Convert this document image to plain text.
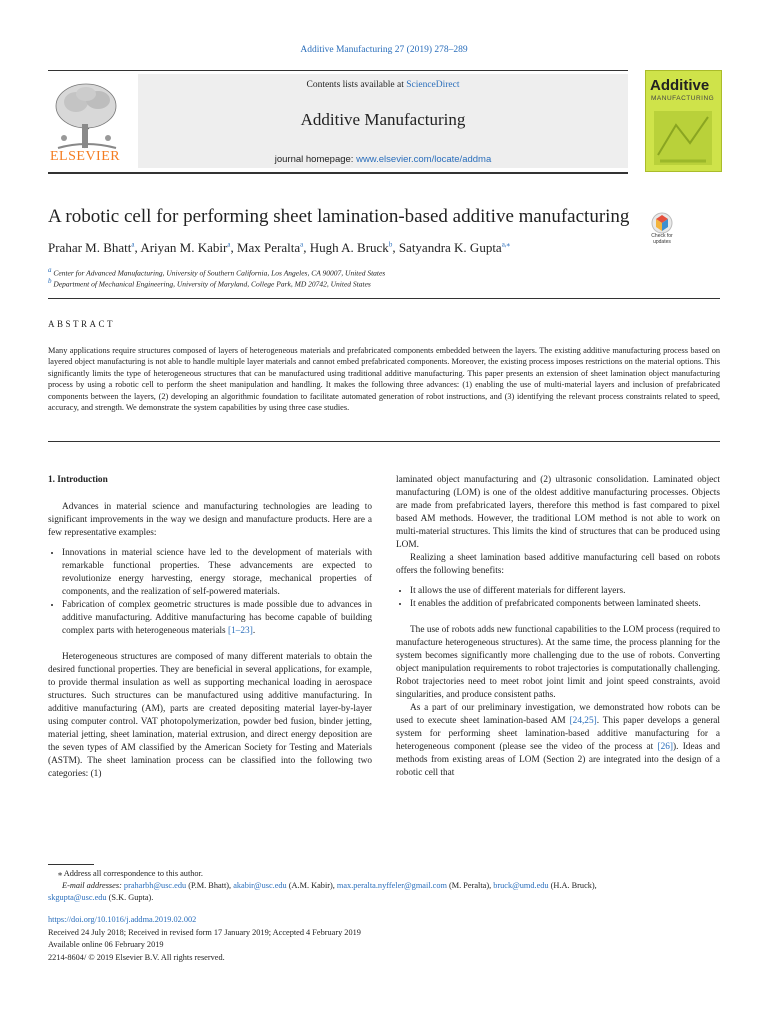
Additive Manufacturing 27 (2019) 278–289
ELSEVIER
Contents lists available at ScienceDirect
Additive Manufacturing
journal homepage: www.elsevier.com/locate/addma
Additive
MANUFACTURING
A robotic cell for performing sheet lamination-based additive manufacturing
Check for updates
Prahar M. Bhatt$^a$, Ariyan M. Kabir$^a$, Max Peralta$^a$, Hugh A. Bruck$^b$, Satyandra K. Gupta$^{a,⁎}$
$^a$ Center for Advanced Manufacturing, University of Southern California, Los Angeles, CA 90007, United States
$^b$ Department of Mechanical Engineering, University of Maryland, College Park, MD 20742, United States
ABSTRACT
Many applications require structures composed of layers of heterogeneous materials and prefabricated components embedded between the layers. The existing additive manufacturing process based on layered object manufacturing is not able to handle multiple layer materials and cannot embed prefabricated components. Moreover, the existing process imposes restrictions on the material options. This significantly limits the type of heterogeneous structures that can be manufactured using traditional additive manufacturing. This paper presents an extension of sheet lamination object manufacturing process by using a robotic cell to perform the sheet manipulation and handling. It makes the following three advances: (1) enabling the use of multi-material layers and inclusion of prefabricated components between the layers, (2) developing an algorithmic foundation to facilitate automated generation of robot instructions, and (3) identifying the relevant process constraints related to speed, accuracy, and strength. We demonstrate the system capabilities by using three case studies.

1. Introduction

Advances in material science and manufacturing technologies are leading to significant improvements in the way we design and manufacture products. Here are a few representative examples:

• Innovations in material science have led to the development of materials with remarkable functional properties. These advancements are expected to revolutionize energy harvesting, energy storage, mechanical properties of components, and the realization of self-powered materials.
• Fabrication of complex geometric structures is made possible due to advances in additive manufacturing. Additive manufacturing has become capable of building complex parts with heterogeneous materials [1–23].

Heterogeneous structures are composed of many different materials to obtain the desired functional properties. They are beneficial in several applications, for example, to provide thermal insulation as well as supporting mechanical loading in aerospace structures. Such structures can be manufactured using additive manufacturing. In additive manufacturing (AM), parts are created depositing material layer-by-layer using computer control. VAT photopolymerization, powder bed fusion, binder jetting, material jetting, sheet lamination, material extrusion, and direct energy deposition are the seven types of AM classified by the American Society for Testing and Materials (ASTM). The sheet lamination process can be classified into the following two categories: (1)

laminated object manufacturing and (2) ultrasonic consolidation. Laminated object manufacturing (LOM) is one of the oldest additive manufacturing processes. Objects are made from prefabricated layers, therefore this method is fast compared to pixel based AM methods. However, the traditional LOM method is not able to work on multi-material structures. This limits the kind of structures that can be produced using LOM.

Realizing a sheet lamination based additive manufacturing cell based on robots offers the following benefits:

• It allows the use of different materials for different layers.
• It enables the addition of prefabricated components between laminated sheets.

The use of robots adds new functional capabilities to the LOM process (required to manufacture heterogeneous structures). At the same time, the process planning for the system becomes significantly more challenging due to the use of robots. Converting object manipulation requirements to robot trajectories is computationally challenging. Robot trajectories need to meet robot joint limit and joint speed constraints, avoid singularities, and produce consistent paths.

As a part of our preliminary investigation, we demonstrated how robots can be used to execute sheet lamination-based AM [24,25]. This paper develops a general system for performing sheet lamination-based additive manufacturing for a heterogeneous component (please see the video of the process at [26]). Ideas and methods from existing areas of LOM (Section 2) are integrated into the design of a robotic cell that

⁎ Address all correspondence to this author.

E-mail addresses: praharbh@usc.edu (P.M. Bhatt), akabir@usc.edu (A.M. Kabir), max.peralta.nyffeler@gmail.com (M. Peralta), bruck@umd.edu (H.A. Bruck),

skgupta@usc.edu (S.K. Gupta).

https://doi.org/10.1016/j.addma.2019.02.002

Received 24 July 2018; Received in revised form 17 January 2019; Accepted 4 February 2019

Available online 06 February 2019

2214-8604/ © 2019 Elsevier B.V. All rights reserved.
